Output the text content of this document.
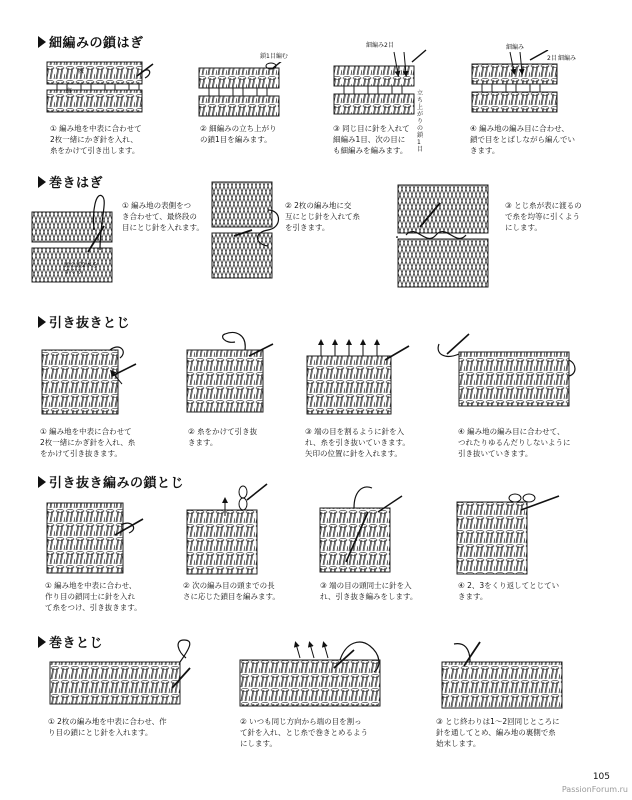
細編みの鎖はぎ
表
裏
鎖1目編む
細編み2目
立ち上がりの鎖1目
細編み
2目 細編み
① 編み地を中表に合わせて
2枚一緒にかぎ針を入れ、
糸をかけて引き出します。
② 細編みの立ち上がり
の鎖1目を編みます。
③ 同じ目に針を入れて
細編み1目、次の目に
も細編みを編みます。
④ 編み地の編み目に合わせ、
鎖で目をとばしながら編んでい
きます。
巻きはぎ
頭の鎖2本を
すくう
① 編み地の表側をつ
き合わせて、最終段の
目にとじ針を入れます。
② 2枚の編み地に交
互にとじ針を入れて糸
を引きます。
③ とじ糸が表に渡るの
で糸を均等に引くよう
にします。
引き抜きとじ
① 編み地を中表に合わせて
2枚一緒にかぎ針を入れ、糸
をかけて引き抜きます。
② 糸をかけて引き抜
きます。
③ 端の目を割るように針を入
れ、糸を引き抜いていきます。
矢印の位置に針を入れます。
④ 編み地の編み目に合わせて、
つれたりゆるんだりしないように
引き抜いていきます。
引き抜き編みの鎖とじ
① 編み地を中表に合わせ、
作り目の鎖同士に針を入れ
て糸をつけ、引き抜きます。
② 次の編み目の頭までの長
さに応じた鎖目を編みます。
③ 端の目の頭同士に針を入
れ、引き抜き編みをします。
④ 2、3をくり返してとじてい
きます。
巻きとじ
① 2枚の編み地を中表に合わせ、作
り目の鎖にとじ針を入れます。
② いつも同じ方向から端の目を割っ
て針を入れ、とじ糸で巻きとめるよう
にします。
③ とじ終わりは1～2回同じところに
針を通してとめ、編み地の裏側で糸
始末します。
105
PassionForum.ru
